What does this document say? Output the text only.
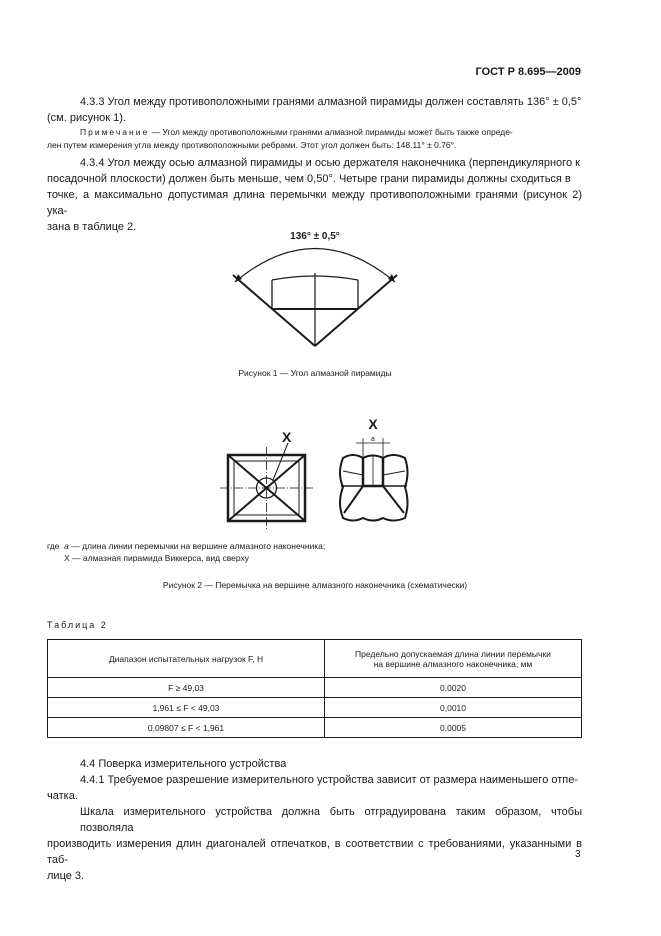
ГОСТ Р 8.695—2009
4.3.3 Угол между противоположными гранями алмазной пирамиды должен составлять 136° ± 0,5°
(см. рисунок 1).
Примечание — Угол между противоположными гранями алмазной пирамиды может быть также опреде-
лен путем измерения угла между противоположными ребрами. Этот угол должен быть: 148.11° ± 0.76°.
4.3.4 Угол между осью алмазной пирамиды и осью держателя наконечника (перпендикулярного к
посадочной плоскости) должен быть меньше, чем 0,50°. Четыре грани пирамиды должны сходиться в
точке, а максимально допустимая длина перемычки между противоположными гранями (рисунок 2) ука-
зана в таблице 2.
136° ± 0,5°
Рисунок 1 — Угол алмазной пирамиды
X
X
a
где a — длина линии перемычки на вершине алмазного наконечника;
X — алмазная пирамида Виккерса, вид сверху
Рисунок 2 — Перемычка на вершине алмазного наконечника (схематически)
Таблица 2
Диапазон испытательных нагрузок F, Н	Предельно допускаемая длина линии перемычки
на вершине алмазного наконечника, мм

F ≥ 49,03	0,0020
1,961 ≤ F < 49,03	0,0010
0,09807 ≤ F < 1,961	0,0005
4.4 Поверка измерительного устройства
4.4.1 Требуемое разрешение измерительного устройства зависит от размера наименьшего отпе-
чатка.
Шкала измерительного устройства должна быть отградуирована таким образом, чтобы позволяла
производить измерения длин диагоналей отпечатков, в соответствии с требованиями, указанными в таб-
лице 3.
3
